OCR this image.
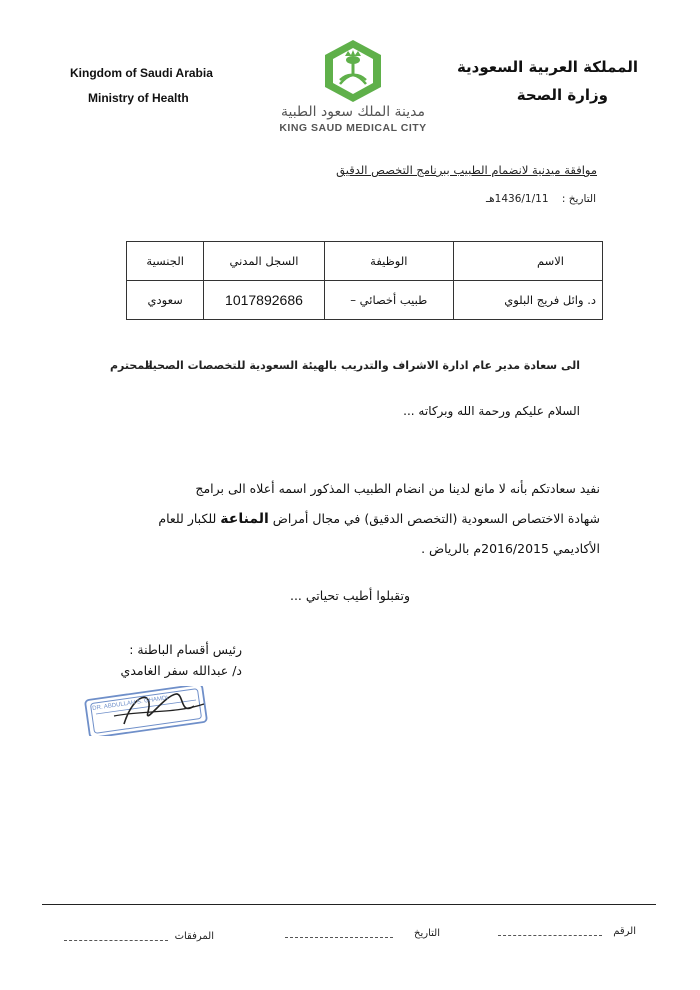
Kingdom of Saudi Arabia
Ministry of Health
المملكة العربية السعودية
وزارة الصحة
مدينة الملك سعود الطبية
KING SAUD MEDICAL CITY
موافقة ميدنية لانضمام الطبيب ببرنامج التخصص الدقيق
التاريخ : 1436/1/11هـ
الاسم	الوظيفة	السجل المدني	الجنسية
د. وائل فريج البلوي	طبيب أخصائي –	1017892686	سعودي
الى سعادة مدير عام ادارة الاشراف والتدريب بالهيئة السعودية للتخصصات الصحية
المحترم
السلام عليكم ورحمة الله وبركاته ...
نفيد سعادتكم بأنه لا مانع لدينا من انضام الطبيب المذكور اسمه أعلاه الى برامج
شهادة الاختصاص السعودية (التخصص الدقيق) في مجال أمراض المناعة للكبار للعام
الأكاديمي 2016/2015م بالرياض .
وتقبلوا أطيب تحياتي ...
رئيس أقسام الباطنة :
د/ عبدالله سفر الغامدي
DR. ABDULLAH S. GHAMDI
الرقم
التاريخ
المرفقات
